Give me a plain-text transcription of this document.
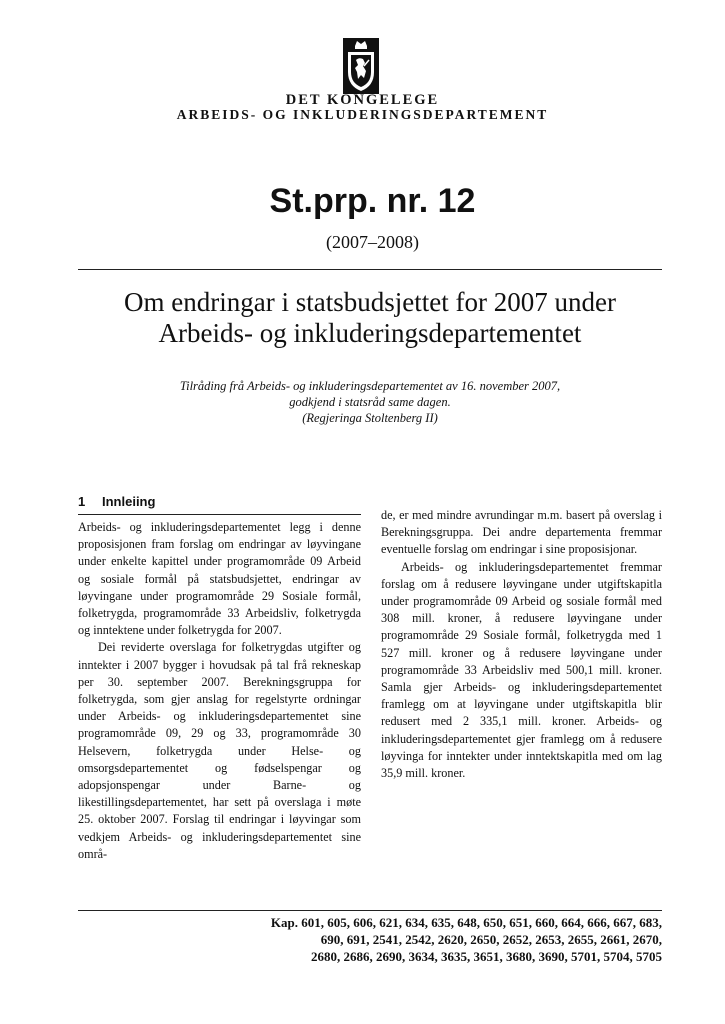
DET KONGELEGE
ARBEIDS- OG INKLUDERINGSDEPARTEMENT
St.prp. nr. 12
(2007–2008)
Om endringar i statsbudsjettet for 2007 under
Arbeids- og inkluderingsdepartementet
Tilråding frå Arbeids- og inkluderingsdepartementet av 16. november 2007,
godkjend i statsråd same dagen.
(Regjeringa Stoltenberg II)
1 Innleiing

Arbeids- og inkluderingsdepartementet legg i denne proposisjonen fram forslag om endringar av løyvingane under enkelte kapittel under programområde 09 Arbeid og sosiale formål på statsbudsjettet, endringar av løyvingane under programområde 29 Sosiale formål, folketrygda, programområde 33 Arbeidsliv, folketrygda og inntektene under folketrygda for 2007.

Dei reviderte overslaga for folketrygdas utgifter og inntekter i 2007 bygger i hovudsak på tal frå rekneskap per 30. september 2007. Berekningsgruppa for folketrygda, som gjer anslag for regelstyrte ordningar under Arbeids- og inkluderingsdepartementet sine programområde 09, 29 og 33, programområde 30 Helsevern, folketrygda under Helse- og omsorgsdepartementet og fødselspengar og adopsjonspengar under Barne- og likestillingsdepartementet, har sett på overslaga i møte 25. oktober 2007. Forslag til endringar i løyvingar som vedkjem Arbeids- og inkluderingsdepartementet sine områ-

de, er med mindre avrundingar m.m. basert på overslag i Berekningsgruppa. Dei andre departementa fremmar eventuelle forslag om endringar i sine proposisjonar.

Arbeids- og inkluderingsdepartementet fremmar forslag om å redusere løyvingane under utgiftskapitla under programområde 09 Arbeid og sosiale formål med 308 mill. kroner, å redusere løyvingane under programområde 29 Sosiale formål, folketrygda med 1 527 mill. kroner og å redusere løyvingane under programområde 33 Arbeidsliv med 500,1 mill. kroner. Samla gjer Arbeids- og inkluderingsdepartementet framlegg om at løyvingane under utgiftskapitla blir redusert med 2 335,1 mill. kroner. Arbeids- og inkluderingsdepartementet gjer framlegg om å redusere løyvinga for inntekter under inntektskapitla med om lag 35,9 mill. kroner.

Kap. 601, 605, 606, 621, 634, 635, 648, 650, 651, 660, 664, 666, 667, 683,
690, 691, 2541, 2542, 2620, 2650, 2652, 2653, 2655, 2661, 2670,
2680, 2686, 2690, 3634, 3635, 3651, 3680, 3690, 5701, 5704, 5705
